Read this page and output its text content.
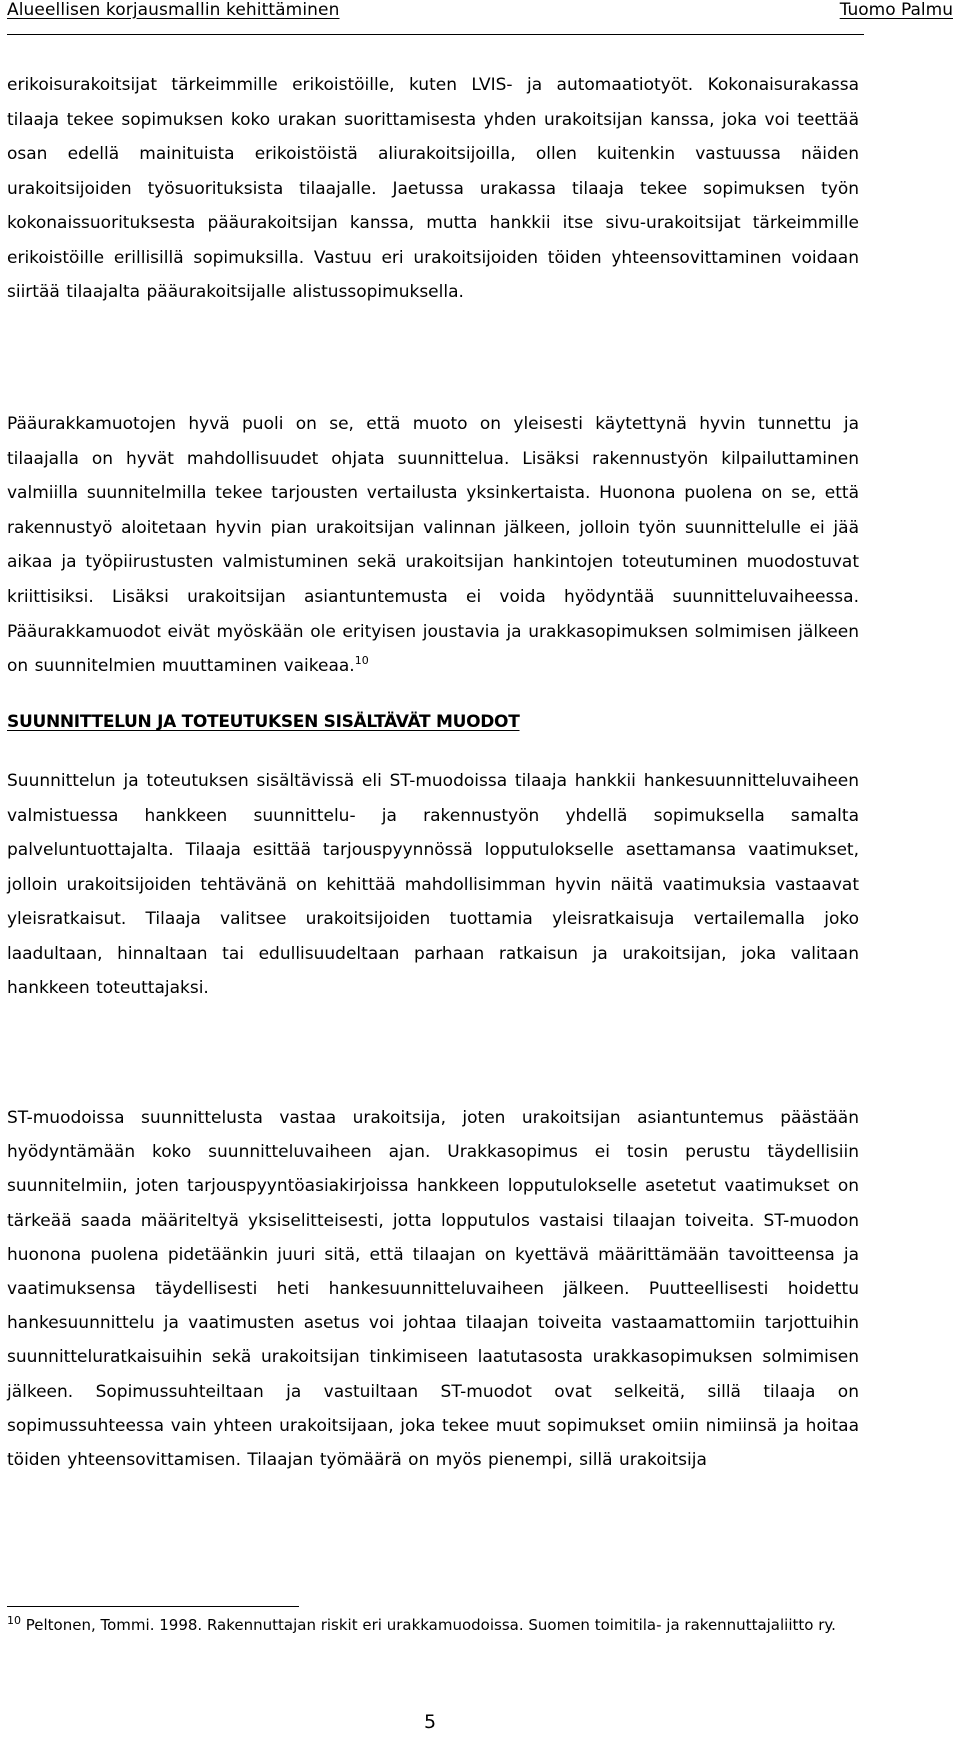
Alueellisen korjausmallin kehittäminen	Tuomo Palmu

erikoisurakoitsijat tärkeimmille erikoistöille, kuten LVIS- ja automaatiotyöt. Kokonaisurakassa tilaaja tekee sopimuksen koko urakan suorittamisesta yhden urakoitsijan kanssa, joka voi teettää osan edellä mainituista erikoistöistä aliurakoitsijoilla, ollen kuitenkin vastuussa näiden urakoitsijoiden työsuorituksista tilaajalle. Jaetussa urakassa tilaaja tekee sopimuksen työn kokonaissuorituksesta pääurakoitsijan kanssa, mutta hankkii itse sivu-urakoitsijat tärkeimmille erikoistöille erillisillä sopimuksilla. Vastuu eri urakoitsijoiden töiden yhteensovittaminen voidaan siirtää tilaajalta pääurakoitsijalle alistussopimuksella.

Pääurakkamuotojen hyvä puoli on se, että muoto on yleisesti käytettynä hyvin tunnettu ja tilaajalla on hyvät mahdollisuudet ohjata suunnittelua. Lisäksi rakennustyön kilpailuttaminen valmiilla suunnitelmilla tekee tarjousten vertailusta yksinkertaista. Huonona puolena on se, että rakennustyö aloitetaan hyvin pian urakoitsijan valinnan jälkeen, jolloin työn suunnittelulle ei jää aikaa ja työpiirustusten valmistuminen sekä urakoitsijan hankintojen toteutuminen muodostuvat kriittisiksi. Lisäksi urakoitsijan asiantuntemusta ei voida hyödyntää suunnitteluvaiheessa. Pääurakkamuodot eivät myöskään ole erityisen joustavia ja urakkasopimuksen solmimisen jälkeen on suunnitelmien muuttaminen vaikeaa.$^{10}$

SUUNNITTELUN JA TOTEUTUKSEN SISÄLTÄVÄT MUODOT

Suunnittelun ja toteutuksen sisältävissä eli ST-muodoissa tilaaja hankkii hankesuunnitteluvaiheen valmistuessa hankkeen suunnittelu- ja rakennustyön yhdellä sopimuksella samalta palveluntuottajalta. Tilaaja esittää tarjouspyynnössä lopputulokselle asettamansa vaatimukset, jolloin urakoitsijoiden tehtävänä on kehittää mahdollisimman hyvin näitä vaatimuksia vastaavat yleisratkaisut. Tilaaja valitsee urakoitsijoiden tuottamia yleisratkaisuja vertailemalla joko laadultaan, hinnaltaan tai edullisuudeltaan parhaan ratkaisun ja urakoitsijan, joka valitaan hankkeen toteuttajaksi.

ST-muodoissa suunnittelusta vastaa urakoitsija, joten urakoitsijan asiantuntemus päästään hyödyntämään koko suunnitteluvaiheen ajan. Urakkasopimus ei tosin perustu täydellisiin suunnitelmiin, joten tarjouspyyntöasiakirjoissa hankkeen lopputulokselle asetetut vaatimukset on tärkeää saada määriteltyä yksiselitteisesti, jotta lopputulos vastaisi tilaajan toiveita. ST-muodon huonona puolena pidetäänkin juuri sitä, että tilaajan on kyettävä määrittämään tavoitteensa ja vaatimuksensa täydellisesti heti hankesuunnitteluvaiheen jälkeen. Puutteellisesti hoidettu hankesuunnittelu ja vaatimusten asetus voi johtaa tilaajan toiveita vastaamattomiin tarjottuihin suunnitteluratkaisuihin sekä urakoitsijan tinkimiseen laatutasosta urakkasopimuksen solmimisen jälkeen. Sopimussuhteiltaan ja vastuiltaan ST-muodot ovat selkeitä, sillä tilaaja on sopimussuhteessa vain yhteen urakoitsijaan, joka tekee muut sopimukset omiin nimiinsä ja hoitaa töiden yhteensovittamisen. Tilaajan työmäärä on myös pienempi, sillä urakoitsija

$^{10}$ Peltonen, Tommi. 1998. Rakennuttajan riskit eri urakkamuodoissa. Suomen toimitila- ja rakennuttajaliitto ry.

5
